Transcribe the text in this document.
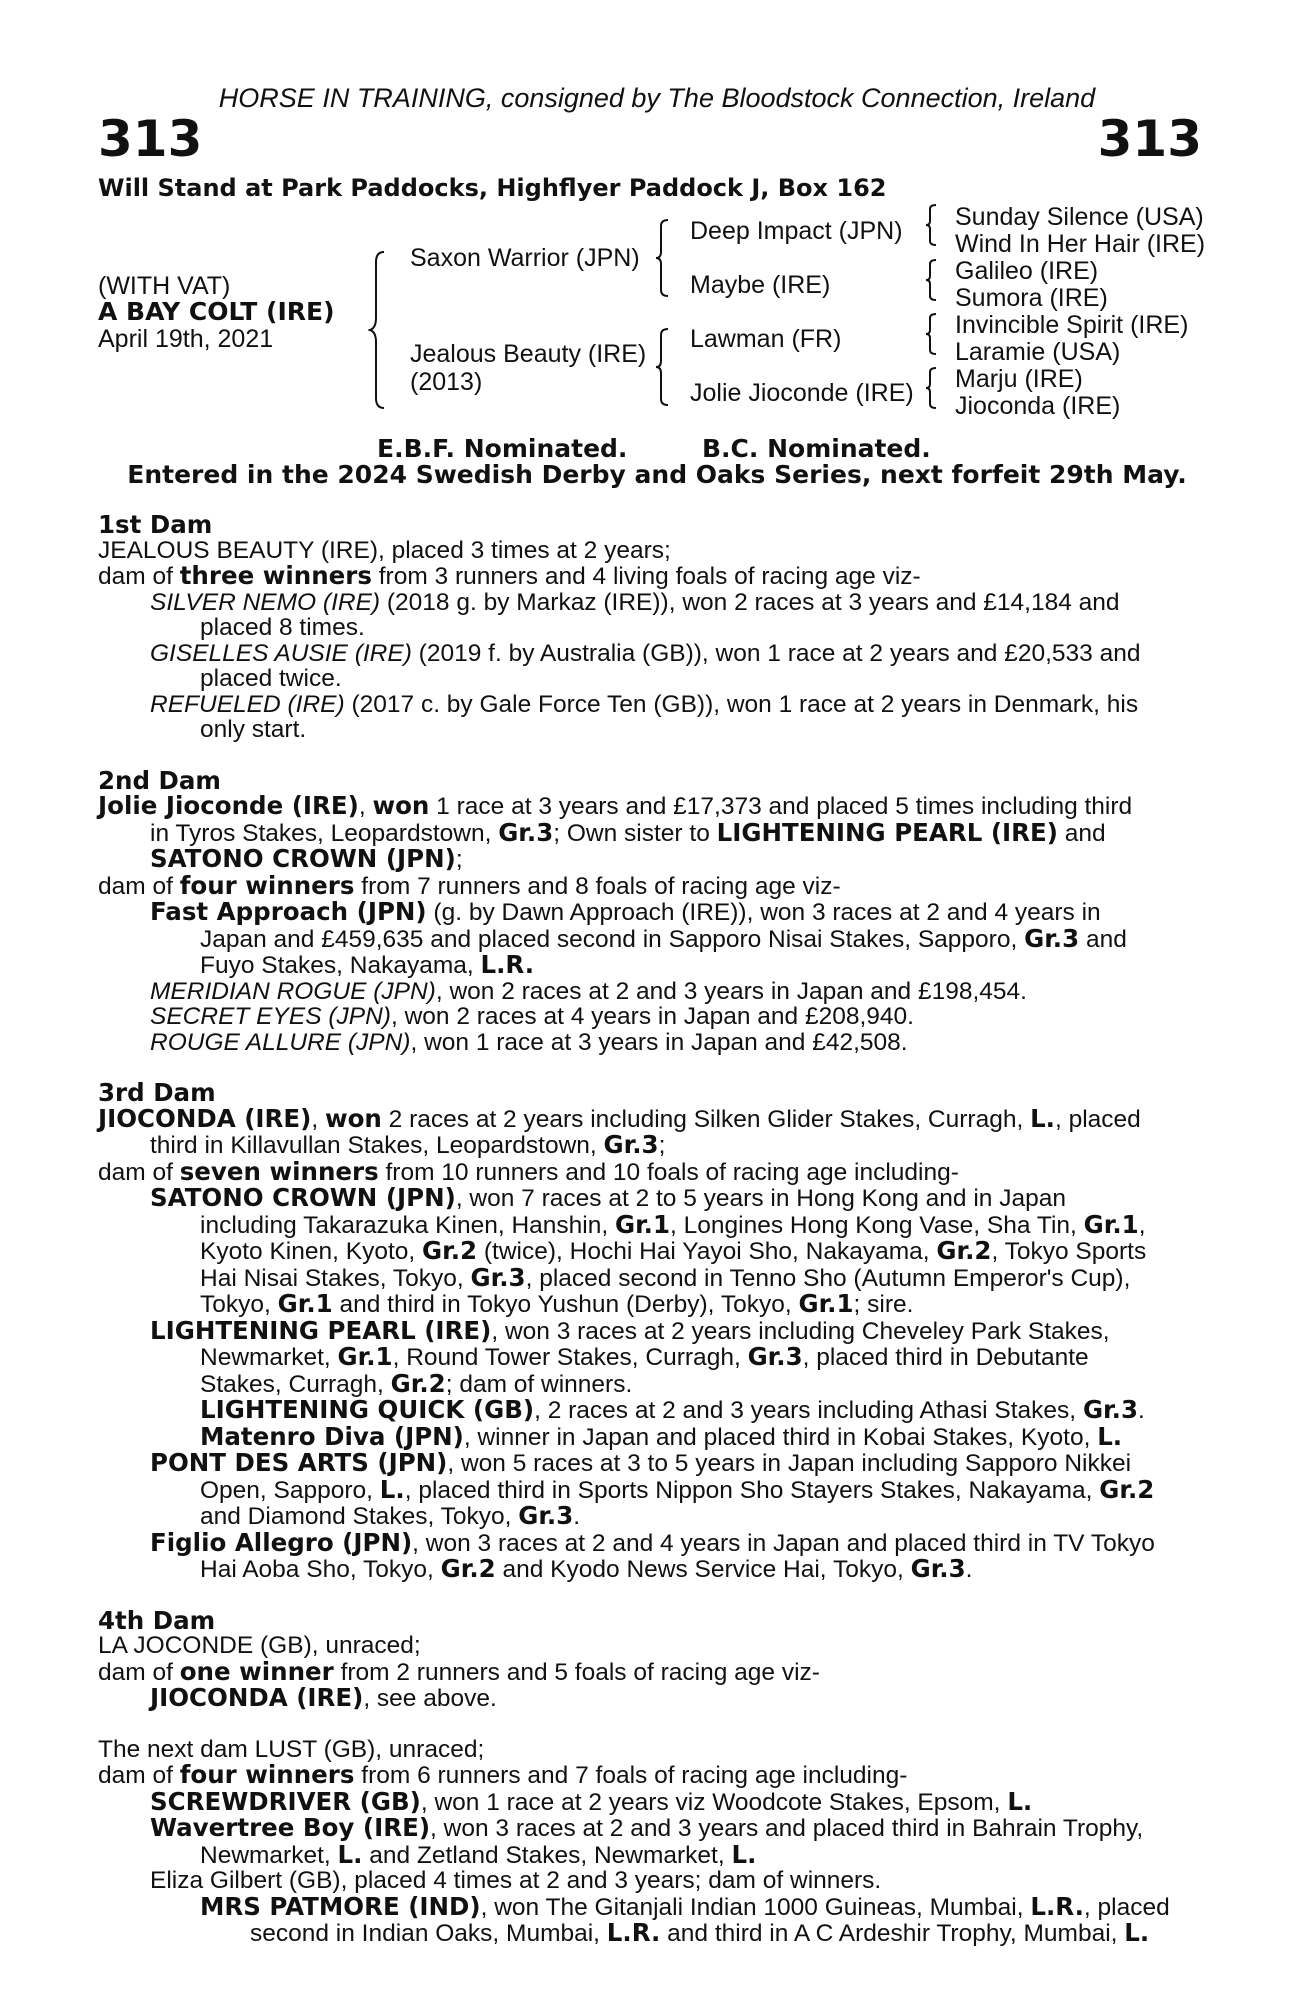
HORSE IN TRAINING, consigned by The Bloodstock Connection, Ireland
313	313
Will Stand at Park Paddocks, Highflyer Paddock J, Box 162
(WITH VAT)
A BAY COLT (IRE)
April 19th, 2021
Saxon Warrior (JPN)
Jealous Beauty (IRE)
(2013)
Deep Impact (JPN)
Maybe (IRE)
Lawman (FR)
Jolie Jiocond​e (IRE)
Sunday Silence (USA)
Wind In Her Hair (IRE)
Galileo (IRE)
Sumora (IRE)
Invincible Spirit (IRE)
Laramie (USA)
Marju (IRE)
Jioconda (IRE)
E.B.F. Nominated.	B.C. Nominated.
Entered in the 2024 Swedish Derby and Oaks Series, next forfeit 29th May.
1st Dam
JEALOUS BEAUTY (IRE), placed 3 times at 2 years;
dam of three winners from 3 runners and 4 living foals of racing age viz-
SILVER NEMO (IRE) (2018 g. by Markaz (IRE)), won 2 races at 3 years and £14,184 and
placed 8 times.
GISELLES AUSIE (IRE) (2019 f. by Australia (GB)), won 1 race at 2 years and £20,533 and
placed twice.
REFUELED (IRE) (2017 c. by Gale Force Ten (GB)), won 1 race at 2 years in Denmark, his
only start.
2nd Dam
Jolie Jioconde (IRE), won 1 race at 3 years and £17,373 and placed 5 times including third
in Tyros Stakes, Leopardstown, Gr.3; Own sister to LIGHTENING PEARL (IRE) and
SATONO CROWN (JPN);
dam of four winners from 7 runners and 8 foals of racing age viz-
Fast Approach (JPN) (g. by Dawn Approach (IRE)), won 3 races at 2 and 4 years in
Japan and £459,635 and placed second in Sapporo Nisai Stakes, Sapporo, Gr.3 and
Fuyo Stakes, Nakayama, L.R.
MERIDIAN ROGUE (JPN), won 2 races at 2 and 3 years in Japan and £198,454.
SECRET EYES (JPN), won 2 races at 4 years in Japan and £208,940.
ROUGE ALLURE (JPN), won 1 race at 3 years in Japan and £42,508.
3rd Dam
JIOCONDA (IRE), won 2 races at 2 years including Silken Glider Stakes, Curragh, L., placed
third in Killavullan Stakes, Leopardstown, Gr.3;
dam of seven winners from 10 runners and 10 foals of racing age including-
SATONO CROWN (JPN), won 7 races at 2 to 5 years in Hong Kong and in Japan
including Takarazuka Kinen, Hanshin, Gr.1, Longines Hong Kong Vase, Sha Tin, Gr.1,
Kyoto Kinen, Kyoto, Gr.2 (twice), Hochi Hai Yayoi Sho, Nakayama, Gr.2, Tokyo Sports
Hai Nisai Stakes, Tokyo, Gr.3, placed second in Tenno Sho (Autumn Emperor's Cup),
Tokyo, Gr.1 and third in Tokyo Yushun (Derby), Tokyo, Gr.1; sire.
LIGHTENING PEARL (IRE), won 3 races at 2 years including Cheveley Park Stakes,
Newmarket, Gr.1, Round Tower Stakes, Curragh, Gr.3, placed third in Debutante
Stakes, Curragh, Gr.2; dam of winners.
LIGHTENING QUICK (GB), 2 races at 2 and 3 years including Athasi Stakes, Gr.3.
Matenro Diva (JPN), winner in Japan and placed third in Kobai Stakes, Kyoto, L.
PONT DES ARTS (JPN), won 5 races at 3 to 5 years in Japan including Sapporo Nikkei
Open, Sapporo, L., placed third in Sports Nippon Sho Stayers Stakes, Nakayama, Gr.2
and Diamond Stakes, Tokyo, Gr.3.
Figlio Allegro (JPN), won 3 races at 2 and 4 years in Japan and placed third in TV Tokyo
Hai Aoba Sho, Tokyo, Gr.2 and Kyodo News Service Hai, Tokyo, Gr.3.
4th Dam
LA JOCONDE (GB), unraced;
dam of one winner from 2 runners and 5 foals of racing age viz-
JIOCONDA (IRE), see above.
The next dam LUST (GB), unraced;
dam of four winners from 6 runners and 7 foals of racing age including-
SCREWDRIVER (GB), won 1 race at 2 years viz Woodcote Stakes, Epsom, L.
Wavertree Boy (IRE), won 3 races at 2 and 3 years and placed third in Bahrain Trophy,
Newmarket, L. and Zetland Stakes, Newmarket, L.
Eliza Gilbert (GB), placed 4 times at 2 and 3 years; dam of winners.
MRS PATMORE (IND), won The Gitanjali Indian 1000 Guineas, Mumbai, L.R., placed
second in Indian Oaks, Mumbai, L.R. and third in A C Ardeshir Trophy, Mumbai, L.
